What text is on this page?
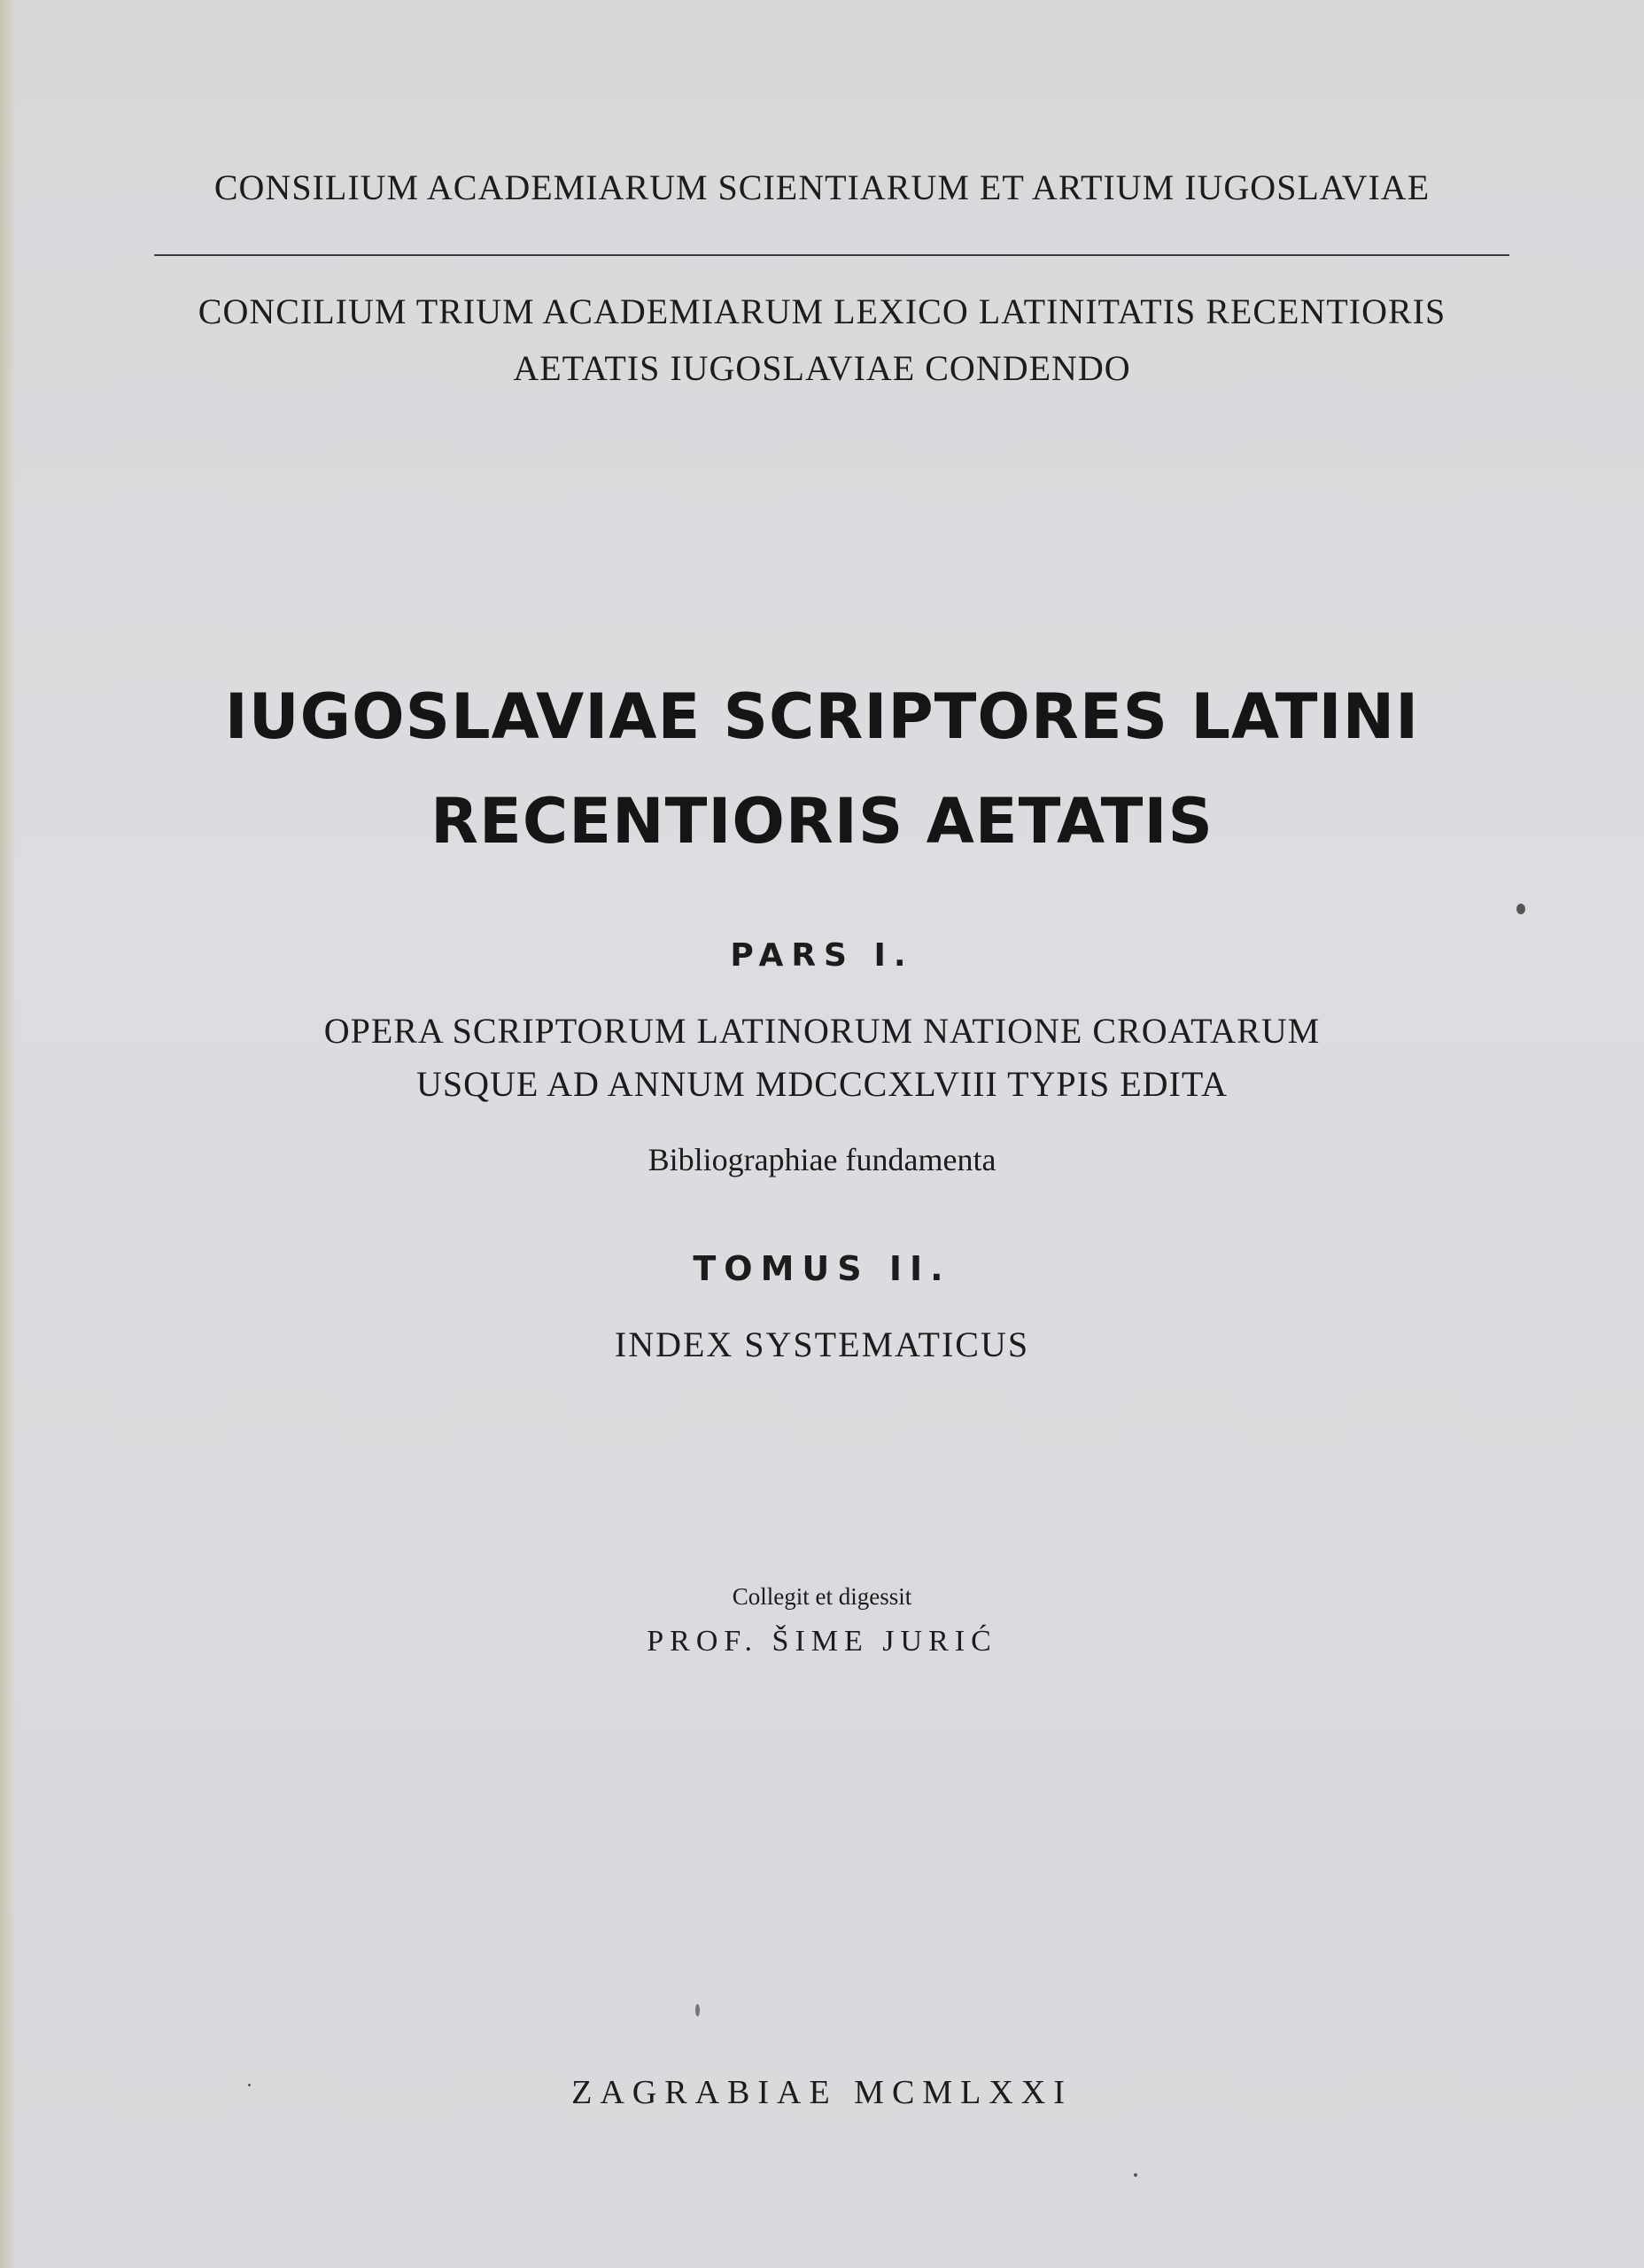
CONSILIUM ACADEMIARUM SCIENTIARUM ET ARTIUM IUGOSLAVIAE
CONCILIUM TRIUM ACADEMIARUM LEXICO LATINITATIS RECENTIORIS
AETATIS IUGOSLAVIAE CONDENDO
IUGOSLAVIAE SCRIPTORES LATINI
RECENTIORIS AETATIS
PARS I.
OPERA SCRIPTORUM LATINORUM NATIONE CROATARUM
USQUE AD ANNUM MDCCCXLVIII TYPIS EDITA
Bibliographiae fundamenta
TOMUS II.
INDEX SYSTEMATICUS
Collegit et digessit
PROF. ŠIME JURIĆ
ZAGRABIAE MCMLXXI
